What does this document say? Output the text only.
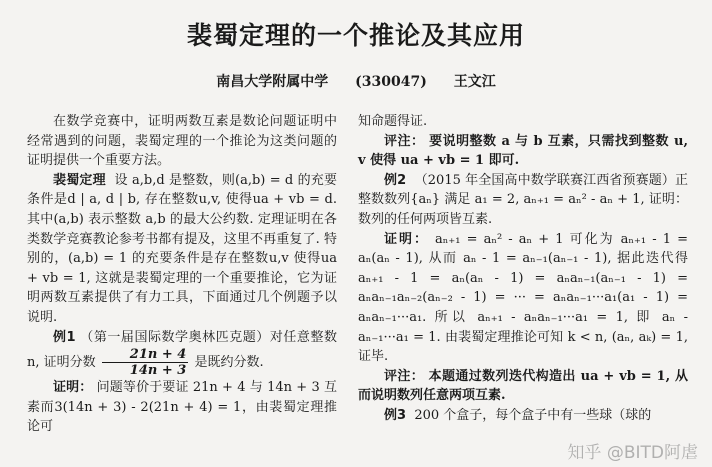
裴蜀定理的一个推论及其应用
南昌大学附属中学 (330047) 王文江

在数学竞赛中，证明两数互素是数论问题证明中经常遇到的问题，裴蜀定理的一个推论为这类问题的证明提供一个重要方法。

裴蜀定理 设 a,b,d 是整数，则(a,b) = d 的充要条件是d | a, d | b, 存在整数u,v, 使得ua + vb = d. 其中(a,b) 表示整数 a,b 的最大公约数. 定理证明在各类数学竞赛教论参考书都有提及，这里不再重复了. 特别的，(a,b) = 1 的充要条件是存在整数u,v 使得ua + vb = 1, 这就是裴蜀定理的一个重要推论，它为证明两数互素提供了有力工具，下面通过几个例题予以说明.

例1 （第一届国际数学奥林匹克题）对任意整数 n, 证明分数 $\frac{21n + 4}{14n + 3}$ 是既约分数.

证明： 问题等价于要证 21n + 4 与 14n + 3 互素而3(14n + 3) - 2(21n + 4) = 1，由裴蜀定理推论可

知命题得证.

评注： 要说明整数 a 与 b 互素，只需找到整数 u, v 使得 ua + vb = 1 即可.

例2 （2015 年全国高中数学联赛江西省预赛题）正整数数列{aₙ} 满足 a₁ = 2, aₙ₊₁ = aₙ² - aₙ + 1, 证明：数列的任何两项皆互素.

证明： aₙ₊₁ = aₙ² - aₙ + 1 可化为 aₙ₊₁ - 1 = aₙ(aₙ - 1), 从而 aₙ - 1 = aₙ₋₁(aₙ₋₁ - 1), 据此迭代得 aₙ₊₁ - 1 = aₙ(aₙ - 1) = aₙaₙ₋₁(aₙ₋₁ - 1) = aₙaₙ₋₁aₙ₋₂(aₙ₋₂ - 1) = ··· = aₙaₙ₋₁···a₁(a₁ - 1) = aₙaₙ₋₁···a₁. 所以 aₙ₊₁ - aₙaₙ₋₁···a₁ = 1, 即 aₙ - aₙ₋₁···a₁ = 1. 由裴蜀定理推论可知 k < n, (aₙ, aₖ) = 1, 证毕.

评注： 本题通过数列迭代构造出 ua + vb = 1, 从而说明数列任意两项互素.

例3 200 个盒子，每个盒子中有一些球（球的

知乎 @BITD阿虐
